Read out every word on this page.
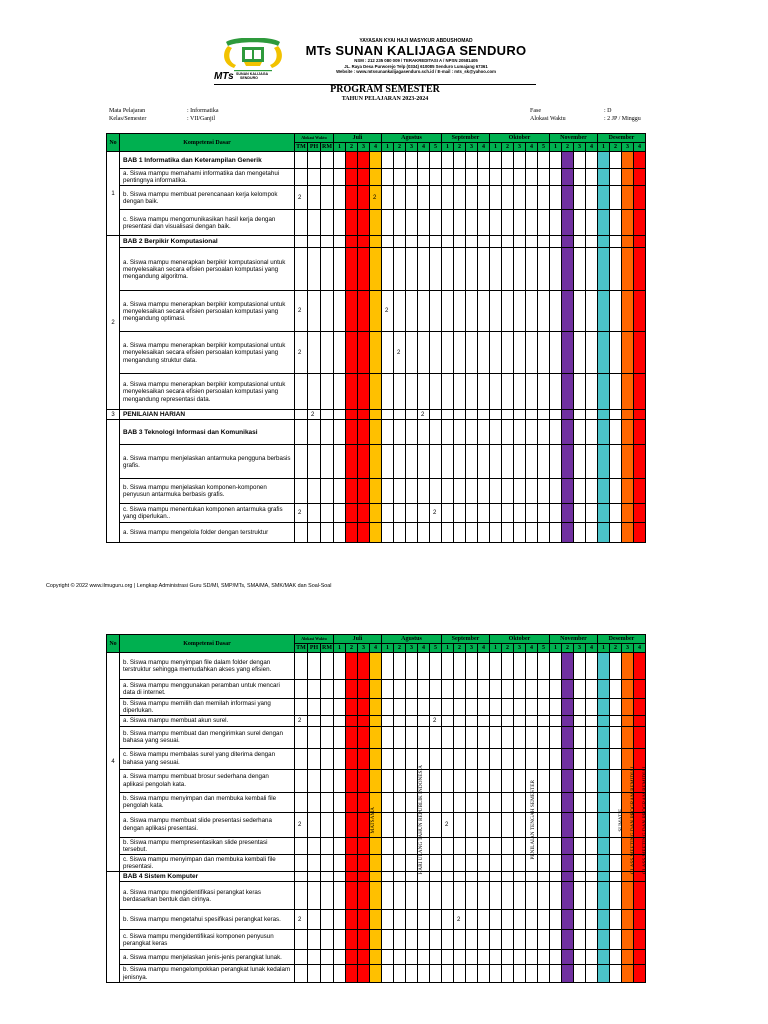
MTs SUNAN KALIJAGA
SENDURO
YAYASAN KYAI HAJI MASYKUR ABDUSHOMAD
MTs SUNAN KALIJAGA SENDURO
NSM : 212 235 080 009 / TERAKREDITASI A / NPSN 20581405
JL. Raya Desa Purworejo Telp (0334) 610085 Senduro Lumajang 67361
Website : www.mtssunankalijagasenduro.sch.id / E-mail : mts_sk@yahoo.com
PROGRAM SEMESTER
TAHUN PELAJARAN 2023-2024
Mata Pelajaran	: Informatika
Kelas/Semester	: VII/Ganjil
Fase	: D
Alokasi Waktu	: 2 JP / Minggu
No	Kompetensi Dasar	Alokasi Waktu			Juli				Agustus					September				Oktober					November				Desember			
		TM	PH	RM	1	2	3	4	1	2	3	4	5	1	2	3	4	1	2	3	4	5	1	2	3	4	1	2	3	4
1	BAB 1 Informatika dan Keterampilan Generik																													
	a. Siswa mampu memahami informatika dan mengetahui pentingnya informatika.																													
	b. Siswa mampu membuat perencanaan kerja kelompok dengan baik.	2						2																						
	c. Siswa mampu mengomunikasikan hasil kerja dengan presentasi dan visualisasi dengan baik.																													
2	BAB 2 Berpikir Komputasional																													
	a. Siswa mampu menerapkan berpikir komputasional untuk menyelesaikan secara efisien persoalan komputasi yang mengandung algoritma.																													
	a. Siswa mampu menerapkan berpikir komputasional untuk menyelesaikan secara efisien persoalan komputasi yang mengandung optimasi.	2							2																					
	a. Siswa mampu menerapkan berpikir komputasional untuk menyelesaikan secara efisien persoalan komputasi yang mengandung struktur data.	2								2																				
	a. Siswa mampu menerapkan berpikir komputasional untuk menyelesaikan secara efisien persoalan komputasi yang mengandung representasi data.																													
3	PENILAIAN HARIAN		2									2																		
	BAB 3 Teknologi Informasi dan Komunikasi																													
	a. Siswa mampu menjelaskan antarmuka pengguna berbasis grafis.																													
	b. Siswa mampu menjelaskan komponen-komponen penyusun antarmuka berbasis grafis.																													
	c. Siswa mampu menentukan komponen antarmuka grafis yang diperlukan..	2											2																	
	a. Siswa mampu mengelola folder dengan terstruktur																													
Copyright © 2022 www.ilmuguru.org | Lengkap Administrasi Guru SD/MI, SMP/MTs, SMA/MA, SMK/MAK dan Soal-Soal
No	Kompetensi Dasar	Alokasi Waktu			Juli				Agustus					September				Oktober					November				Desember			
		TM	PH	RM	1	2	3	4	1	2	3	4	5	1	2	3	4	1	2	3	4	5	1	2	3	4	1	2	3	4
4	b. Siswa mampu menyimpan file dalam folder dengan terstruktur sehingga memudahkan akses yang efisien.																													
	a. Siswa mampu menggunakan peramban untuk mencari data di internet.																													
	b. Siswa mampu memilih dan memilah informasi yang diperlukan.																													
	a. Siswa mampu membuat akun surel.	2											2																	
	b. Siswa mampu membuat dan mengirimkan surel dengan bahasa yang sesuai.																													
	c. Siswa mampu membalas surel yang diterima dengan bahasa yang sesuai.																													
	a. Siswa mampu membuat brosur sederhana dengan aplikasi pengolah kata.																													
	b. Siswa mampu menyimpan dan membuka kembali file pengolah kata.																													
	a. Siswa mampu membuat slide presentasi sederhana dengan aplikasi presentasi.	2												2																
	b. Siswa mampu mempresentasikan slide presentasi tersebut.																													
	c. Siswa mampu menyimpan dan membuka kembali file presentasi.																													
	BAB 4 Sistem Komputer																													
	a. Siswa mampu mengidentifikasi perangkat keras berdasarkan bentuk dan cirinya.																													
	b. Siswa mampu mengetahui spesifikasi perangkat keras.	2													2															
	c. Siswa mampu mengidentifikasi komponen penyusun perangkat keras																													
	a. Siswa mampu menjelaskan jenis-jenis perangkat lunak.																													
	b. Siswa mampu mengelompokkan perangkat lunak kedalam jenisnya.																													
MATSAMA	HARI ULANG TAHUN REPUBLIK INDONESIA	PENILAIAN TENGAH SEMESTER	SUMATIF CLASS MEETING DAN PROGRAM REMIDIAL CLASS MEETING DAN PROGRAM REMIDIAL
